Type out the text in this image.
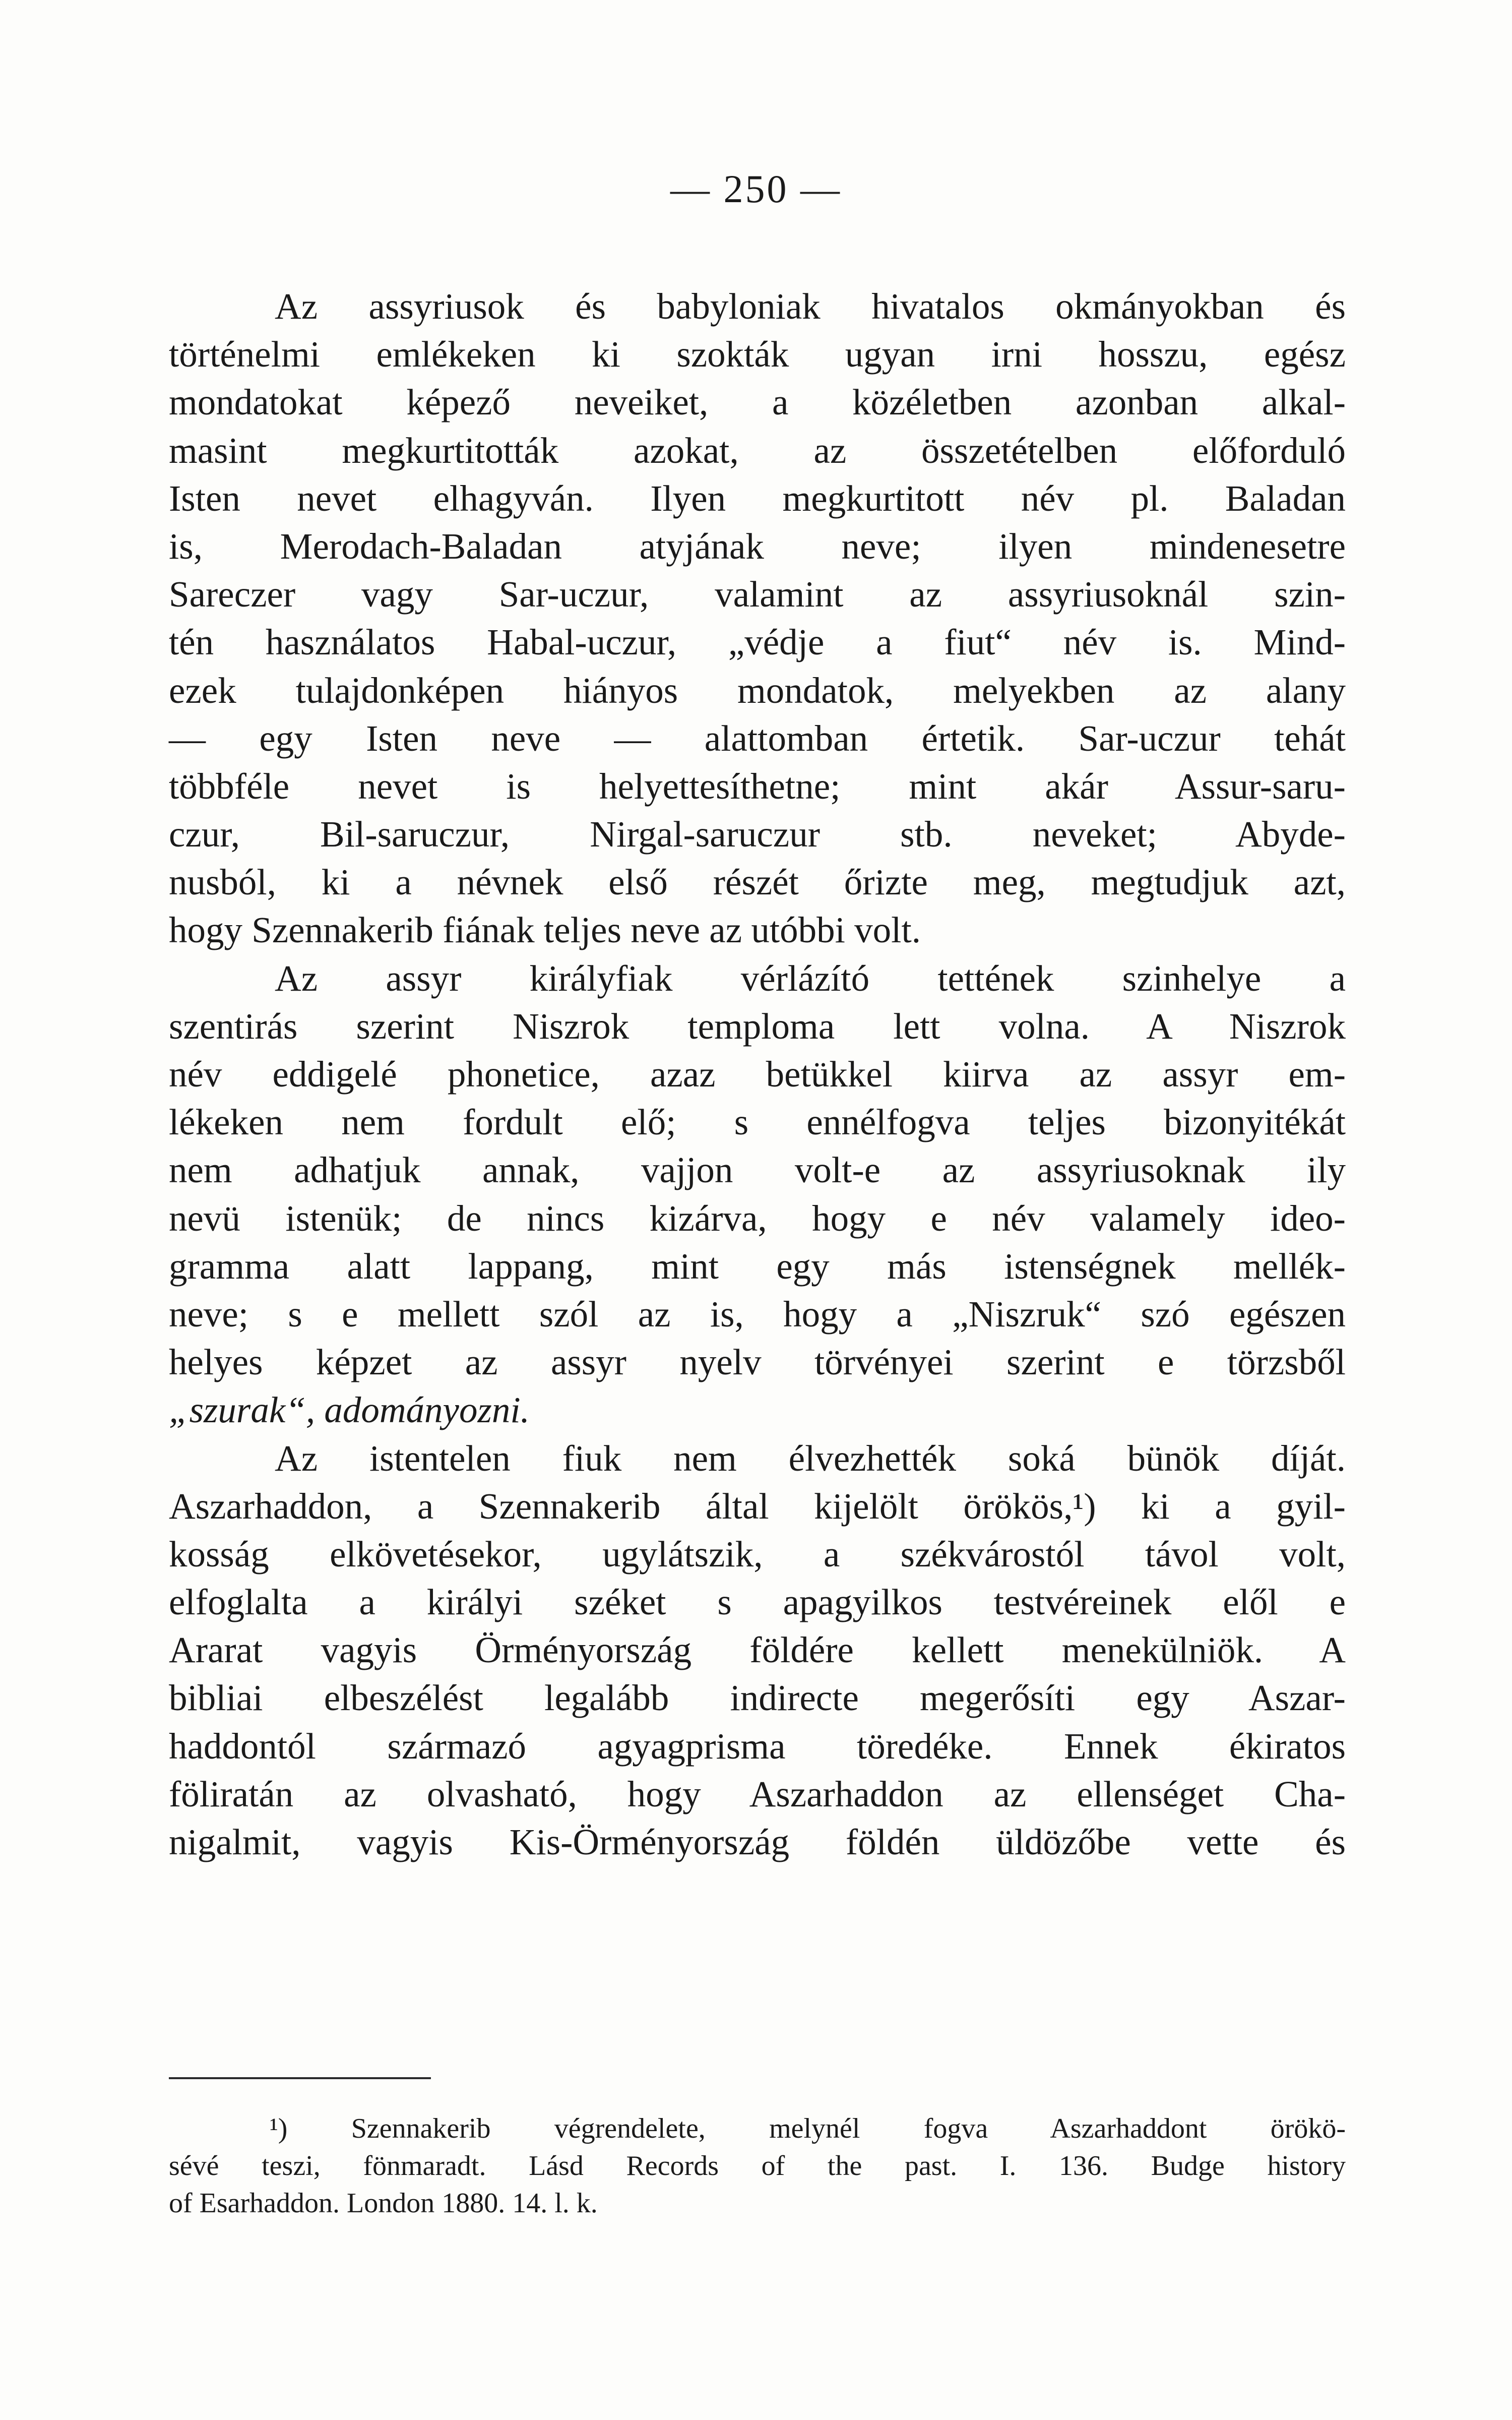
— 250 —
Az assyriusok és babyloniak hivatalos okmányokban és
történelmi emlékeken ki szokták ugyan irni hosszu, egész
mondatokat képező neveiket, a közéletben azonban alkal-
masint megkurtitották azokat, az összetételben előforduló
Isten nevet elhagyván. Ilyen megkurtitott név pl. Baladan
is, Merodach-Baladan atyjának neve; ilyen mindenesetre
Sareczer vagy Sar-uczur, valamint az assyriusoknál szin-
tén használatos Habal-uczur, „védje a fiut“ név is. Mind-
ezek tulajdonképen hiányos mondatok, melyekben az alany
— egy Isten neve — alattomban értetik. Sar-uczur tehát
többféle nevet is helyettesíthetne; mint akár Assur-saru-
czur, Bil-saruczur, Nirgal-saruczur stb. neveket; Abyde-
nusból, ki a névnek első részét őrizte meg, megtudjuk azt,
hogy Szennakerib fiának teljes neve az utóbbi volt.
Az assyr királyfiak vérlázító tettének szinhelye a
szentirás szerint Niszrok temploma lett volna. A Niszrok
név eddigelé phonetice, azaz betükkel kiirva az assyr em-
lékeken nem fordult elő; s ennélfogva teljes bizonyitékát
nem adhatjuk annak, vajjon volt-e az assyriusoknak ily
nevü istenük; de nincs kizárva, hogy e név valamely ideo-
gramma alatt lappang, mint egy más istenségnek mellék-
neve; s e mellett szól az is, hogy a „Niszruk“ szó egészen
helyes képzet az assyr nyelv törvényei szerint e törzsből
„szurak“, adományozni.
Az istentelen fiuk nem élvezhették soká bünök díját.
Aszarhaddon, a Szennakerib által kijelölt örökös,¹) ki a gyil-
kosság elkövetésekor, ugylátszik, a székvárostól távol volt,
elfoglalta a királyi széket s apagyilkos testvéreinek elől e
Ararat vagyis Örményország földére kellett menekülniök. A
bibliai elbeszélést legalább indirecte megerősíti egy Aszar-
haddontól származó agyagprisma töredéke. Ennek ékiratos
föliratán az olvasható, hogy Aszarhaddon az ellenséget Cha-
nigalmit, vagyis Kis-Örményország földén üldözőbe vette és
¹) Szennakerib végrendelete, melynél fogva Aszarhaddont örökö-
sévé teszi, fönmaradt. Lásd Records of the past. I. 136. Budge history
of Esarhaddon. London 1880. 14. l. k.
